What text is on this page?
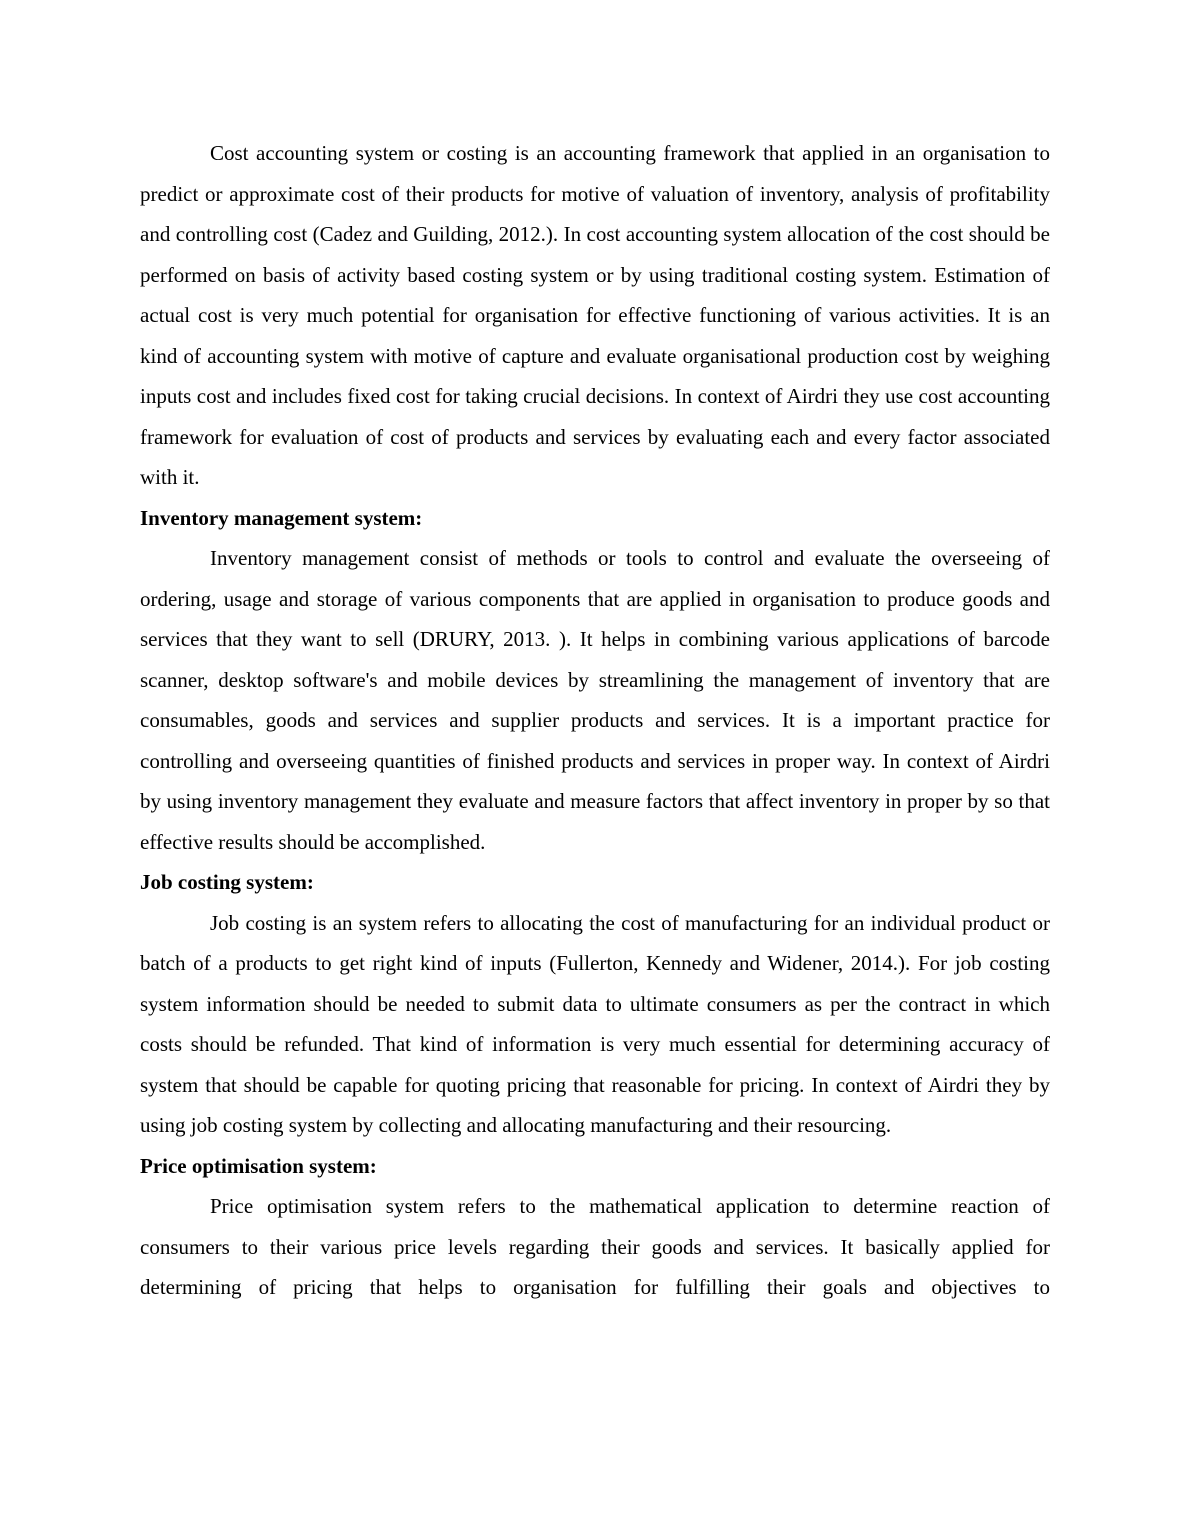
Cost accounting system or costing is an accounting framework that applied in an organisation to predict or approximate cost of their products for motive of valuation of inventory, analysis of profitability and controlling cost (Cadez and Guilding, 2012.). In cost accounting system allocation of the cost should be performed on basis of activity based costing system or by using traditional costing system. Estimation of actual cost is very much potential for organisation for effective functioning of various activities. It is an kind of accounting system with motive of capture and evaluate organisational production cost by weighing inputs cost and includes fixed cost for taking crucial decisions. In context of Airdri they use cost accounting framework for evaluation of cost of products and services by evaluating each and every factor associated with it.

Inventory management system:

Inventory management consist of methods or tools to control and evaluate the overseeing of ordering, usage and storage of various components that are applied in organisation to produce goods and services that they want to sell (DRURY, 2013. ). It helps in combining various applications of barcode scanner, desktop software's and mobile devices by streamlining the management of inventory that are consumables, goods and services and supplier products and services. It is a important practice for controlling and overseeing quantities of finished products and services in proper way. In context of Airdri by using inventory management they evaluate and measure factors that affect inventory in proper by so that effective results should be accomplished.

Job costing system:

Job costing is an system refers to allocating the cost of manufacturing for an individual product or batch of a products to get right kind of inputs (Fullerton, Kennedy and Widener, 2014.). For job costing system information should be needed to submit data to ultimate consumers as per the contract in which costs should be refunded. That kind of information is very much essential for determining accuracy of system that should be capable for quoting pricing that reasonable for pricing. In context of Airdri they by using job costing system by collecting and allocating manufacturing and their resourcing.

Price optimisation system:

Price optimisation system refers to the mathematical application to determine reaction of consumers to their various price levels regarding their goods and services. It basically applied for determining of pricing that helps to organisation for fulfilling their goals and objectives to
